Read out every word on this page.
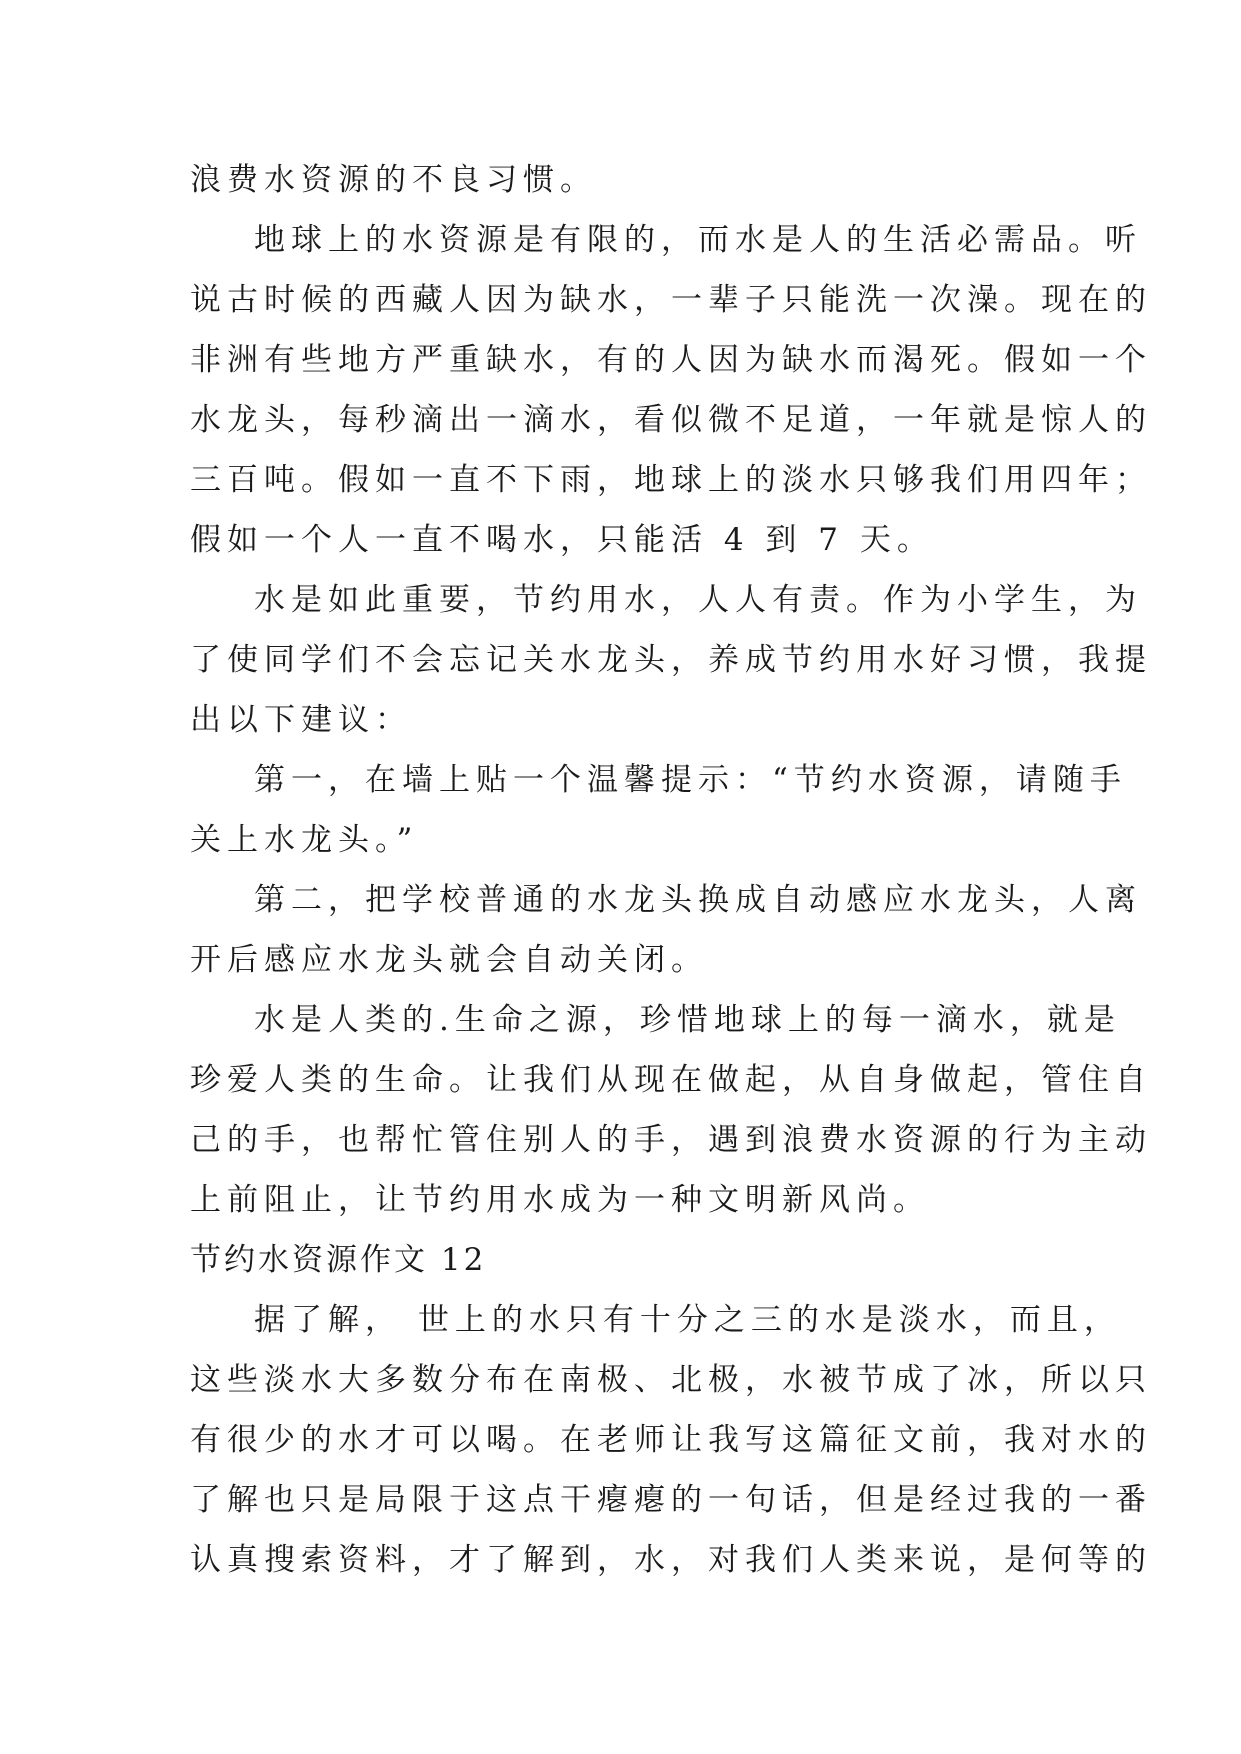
浪费水资源的不良习惯。
地球上的水资源是有限的，而水是人的生活必需品。听
说古时候的西藏人因为缺水，一辈子只能洗一次澡。现在的
非洲有些地方严重缺水，有的人因为缺水而渴死。假如一个
水龙头，每秒滴出一滴水，看似微不足道，一年就是惊人的
三百吨。假如一直不下雨，地球上的淡水只够我们用四年；
假如一个人一直不喝水，只能活 4 到 7 天。
水是如此重要，节约用水，人人有责。作为小学生，为
了使同学们不会忘记关水龙头，养成节约用水好习惯，我提
出以下建议：
第一，在墙上贴一个温馨提示：“节约水资源，请随手
关上水龙头。”
第二，把学校普通的水龙头换成自动感应水龙头，人离
开后感应水龙头就会自动关闭。
水是人类的.生命之源，珍惜地球上的每一滴水，就是
珍爱人类的生命。让我们从现在做起，从自身做起，管住自
己的手，也帮忙管住别人的手，遇到浪费水资源的行为主动
上前阻止，让节约用水成为一种文明新风尚。
节约水资源作文 12
据了解， 世上的水只有十分之三的水是淡水，而且，
这些淡水大多数分布在南极、北极，水被节成了冰，所以只
有很少的水才可以喝。在老师让我写这篇征文前，我对水的
了解也只是局限于这点干瘪瘪的一句话，但是经过我的一番
认真搜索资料，才了解到，水，对我们人类来说，是何等的
